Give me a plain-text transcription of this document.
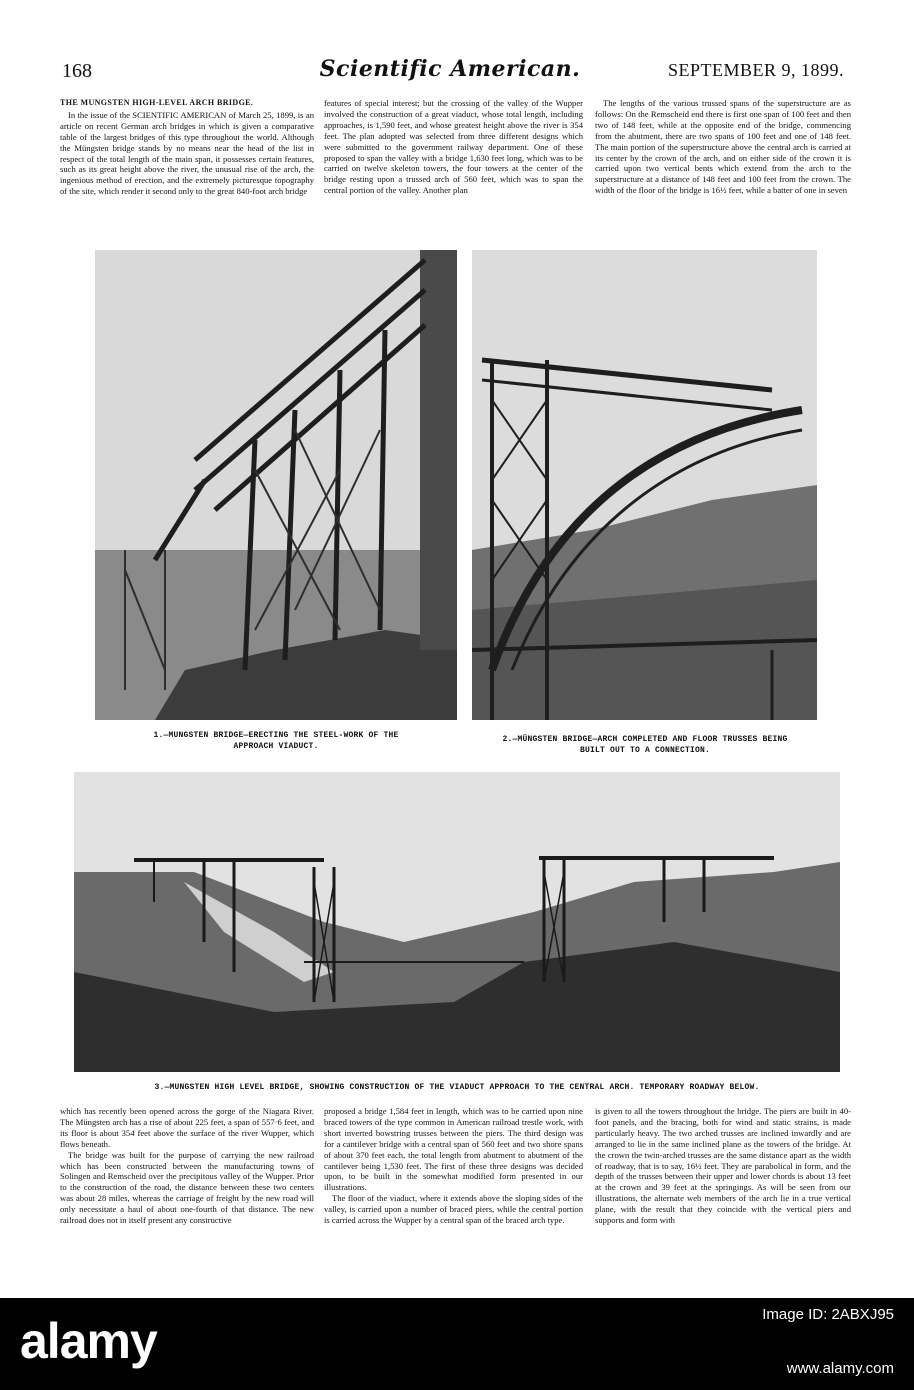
168	Scientific American.	SEPTEMBER 9, 1899.
THE MUNGSTEN HIGH-LEVEL ARCH BRIDGE.

In the issue of the SCIENTIFIC AMERICAN of March 25, 1899, is an article on recent German arch bridges in which is given a comparative table of the largest bridges of this type throughout the world. Although the Müngsten bridge stands by no means near the head of the list in respect of the total length of the main span, it possesses certain features, such as its great height above the river, the unusual rise of the arch, the ingenious method of erection, and the extremely picturesque topography of the site, which render it second only to the great 840-foot arch bridge

features of special interest; but the crossing of the valley of the Wupper involved the construction of a great viaduct, whose total length, including approaches, is 1,590 feet, and whose greatest height above the river is 354 feet. The plan adopted was selected from three different designs which were submitted to the government railway department. One of these proposed to span the valley with a bridge 1,630 feet long, which was to be carried on twelve skeleton towers, the four towers at the center of the bridge resting upon a trussed arch of 560 feet, which was to span the central portion of the valley. Another plan

The lengths of the various trussed spans of the superstructure are as follows: On the Remscheid end there is first one span of 100 feet and then two of 148 feet, while at the opposite end of the bridge, commencing from the abutment, there are two spans of 100 feet and one of 148 feet. The main portion of the superstructure above the central arch is carried at its center by the crown of the arch, and on either side of the crown it is carried upon two vertical bents which extend from the arch to the superstructure at a distance of 148 feet and 100 feet from the crown. The width of the floor of the bridge is 16½ feet, while a batter of one in seven

1.—MUNGSTEN BRIDGE—ERECTING THE STEEL-WORK OF THE
APPROACH VIADUCT.
2.—MÜNGSTEN BRIDGE—ARCH COMPLETED AND FLOOR TRUSSES BEING
BUILT OUT TO A CONNECTION.
3.—MUNGSTEN HIGH LEVEL BRIDGE, SHOWING CONSTRUCTION OF THE VIADUCT APPROACH TO THE CENTRAL ARCH. TEMPORARY ROADWAY BELOW.

which has recently been opened across the gorge of the Niagara River. The Müngsten arch has a rise of about 225 feet, a span of 557·6 feet, and its floor is about 354 feet above the surface of the river Wupper, which flows beneath.

The bridge was built for the purpose of carrying the new railroad which has been constructed between the manufacturing towns of Solingen and Remscheid over the precipitous valley of the Wupper. Prior to the construction of the road, the distance between these two centers was about 28 miles, whereas the carriage of freight by the new road will only necessitate a haul of about one-fourth of that distance. The new railroad does not in itself present any constructive

proposed a bridge 1,584 feet in length, which was to be carried upon nine braced towers of the type common in American railroad trestle work, with short inverted bowstring trusses between the piers. The third design was for a cantilever bridge with a central span of 560 feet and two shore spans of about 370 feet each, the total length from abutment to abutment of the cantilever being 1,530 feet. The first of these three designs was decided upon, to be built in the somewhat modified form presented in our illustrations.

The floor of the viaduct, where it extends above the sloping sides of the valley, is carried upon a number of braced piers, while the central portion is carried across the Wupper by a central span of the braced arch type.

is given to all the towers throughout the bridge. The piers are built in 40-foot panels, and the bracing, both for wind and static strains, is made particularly heavy. The two arched trusses are inclined inwardly and are arranged to lie in the same inclined plane as the towers of the bridge. At the crown the twin-arched trusses are the same distance apart as the width of roadway, that is to say, 16½ feet. They are parabolical in form, and the depth of the trusses between their upper and lower chords is about 13 feet at the crown and 39 feet at the springings. As will be seen from our illustrations, the alternate web members of the arch lie in a true vertical plane, with the result that they coincide with the vertical piers and supports and form with

alamy	Image ID: 2ABXJ95
www.alamy.com
